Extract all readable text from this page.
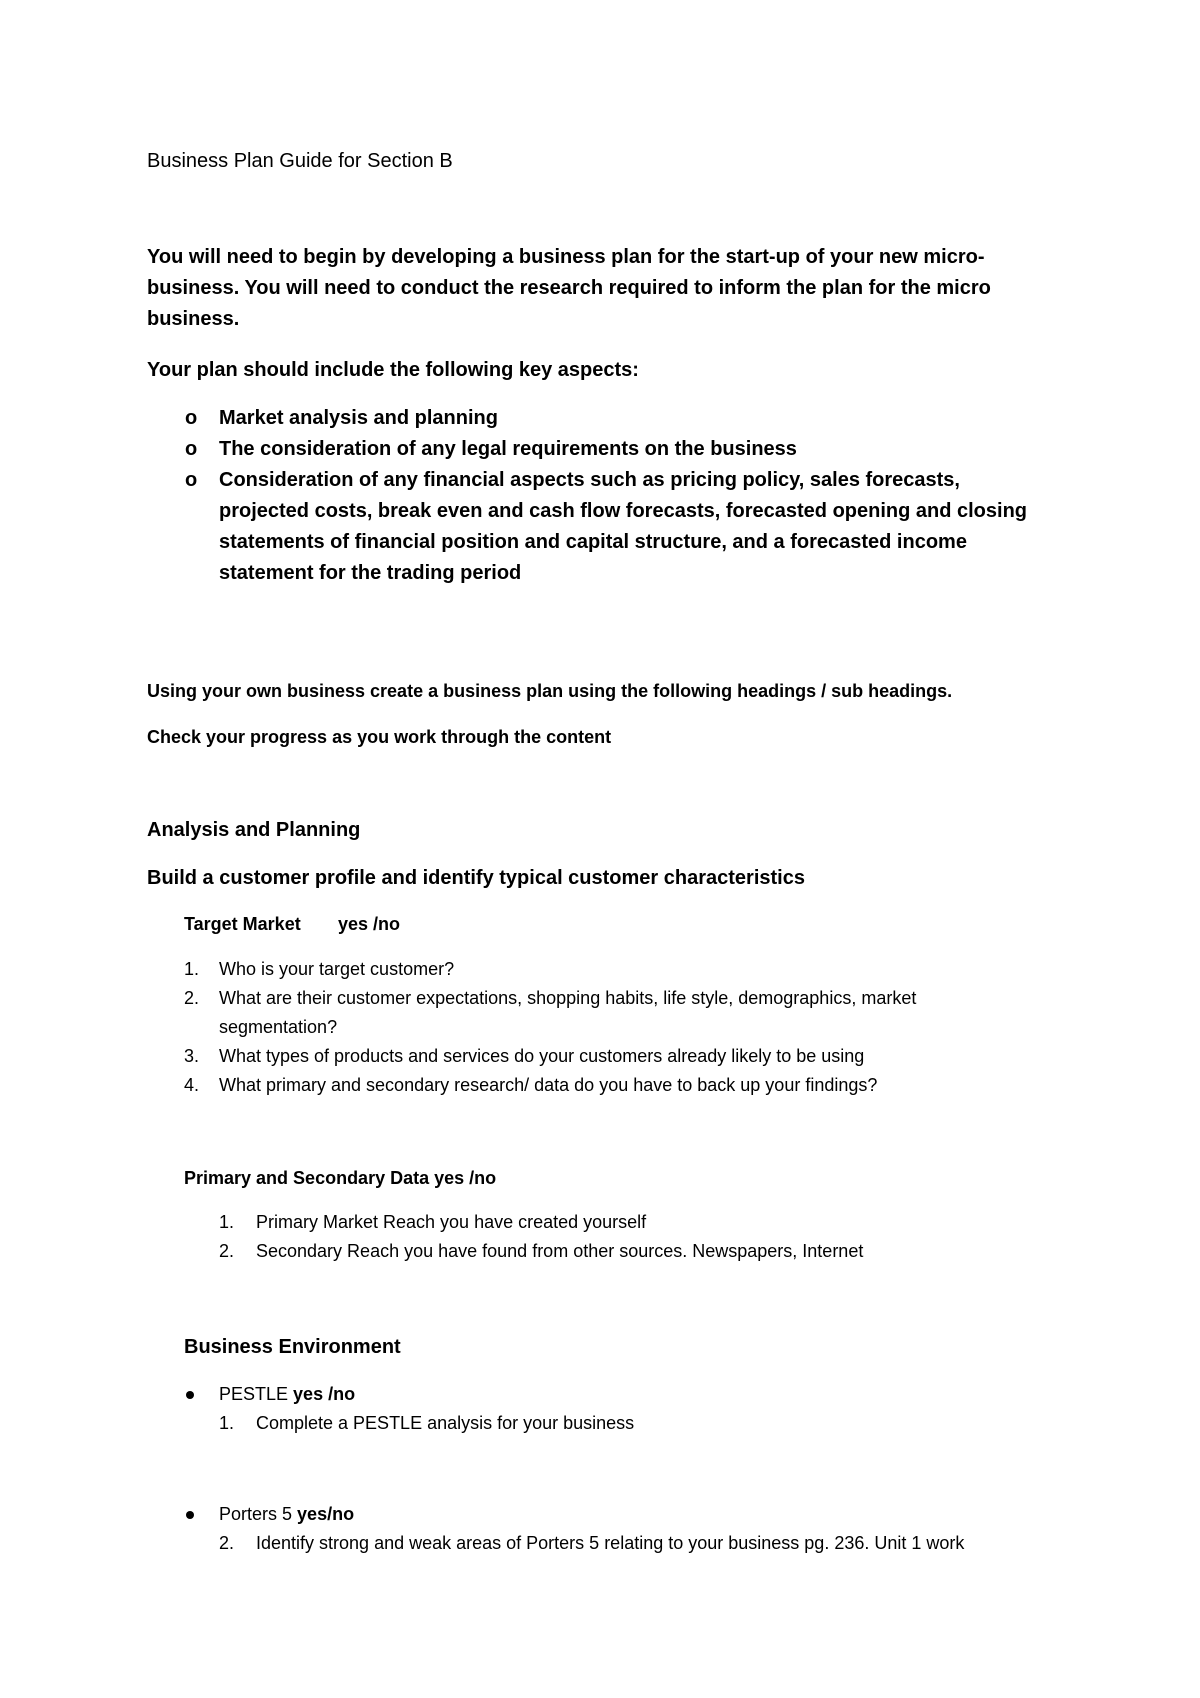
Business Plan Guide for Section B

You will need to begin by developing a business plan for the start-up of your new micro-

business. You will need to conduct the research required to inform the plan for the micro

business.

Your plan should include the following key aspects:

o Market analysis and planning

o The consideration of any legal requirements on the business

o Consideration of any financial aspects such as pricing policy, sales forecasts,

projected costs, break even and cash flow forecasts, forecasted opening and closing

statements of financial position and capital structure, and a forecasted income

statement for the trading period

Using your own business create a business plan using the following headings / sub headings.

Check your progress as you work through the content

Analysis and Planning

Build a customer profile and identify typical customer characteristics

Target Market yes /no

1. Who is your target customer?

2. What are their customer expectations, shopping habits, life style, demographics, market

segmentation?

3. What types of products and services do your customers already likely to be using

4. What primary and secondary research/ data do you have to back up your findings?

Primary and Secondary Data yes /no

1. Primary Market Reach you have created yourself

2. Secondary Reach you have found from other sources. Newspapers, Internet

Business Environment

PESTLE yes /no

1. Complete a PESTLE analysis for your business

Porters 5 yes/no

2. Identify strong and weak areas of Porters 5 relating to your business pg. 236. Unit 1 work
